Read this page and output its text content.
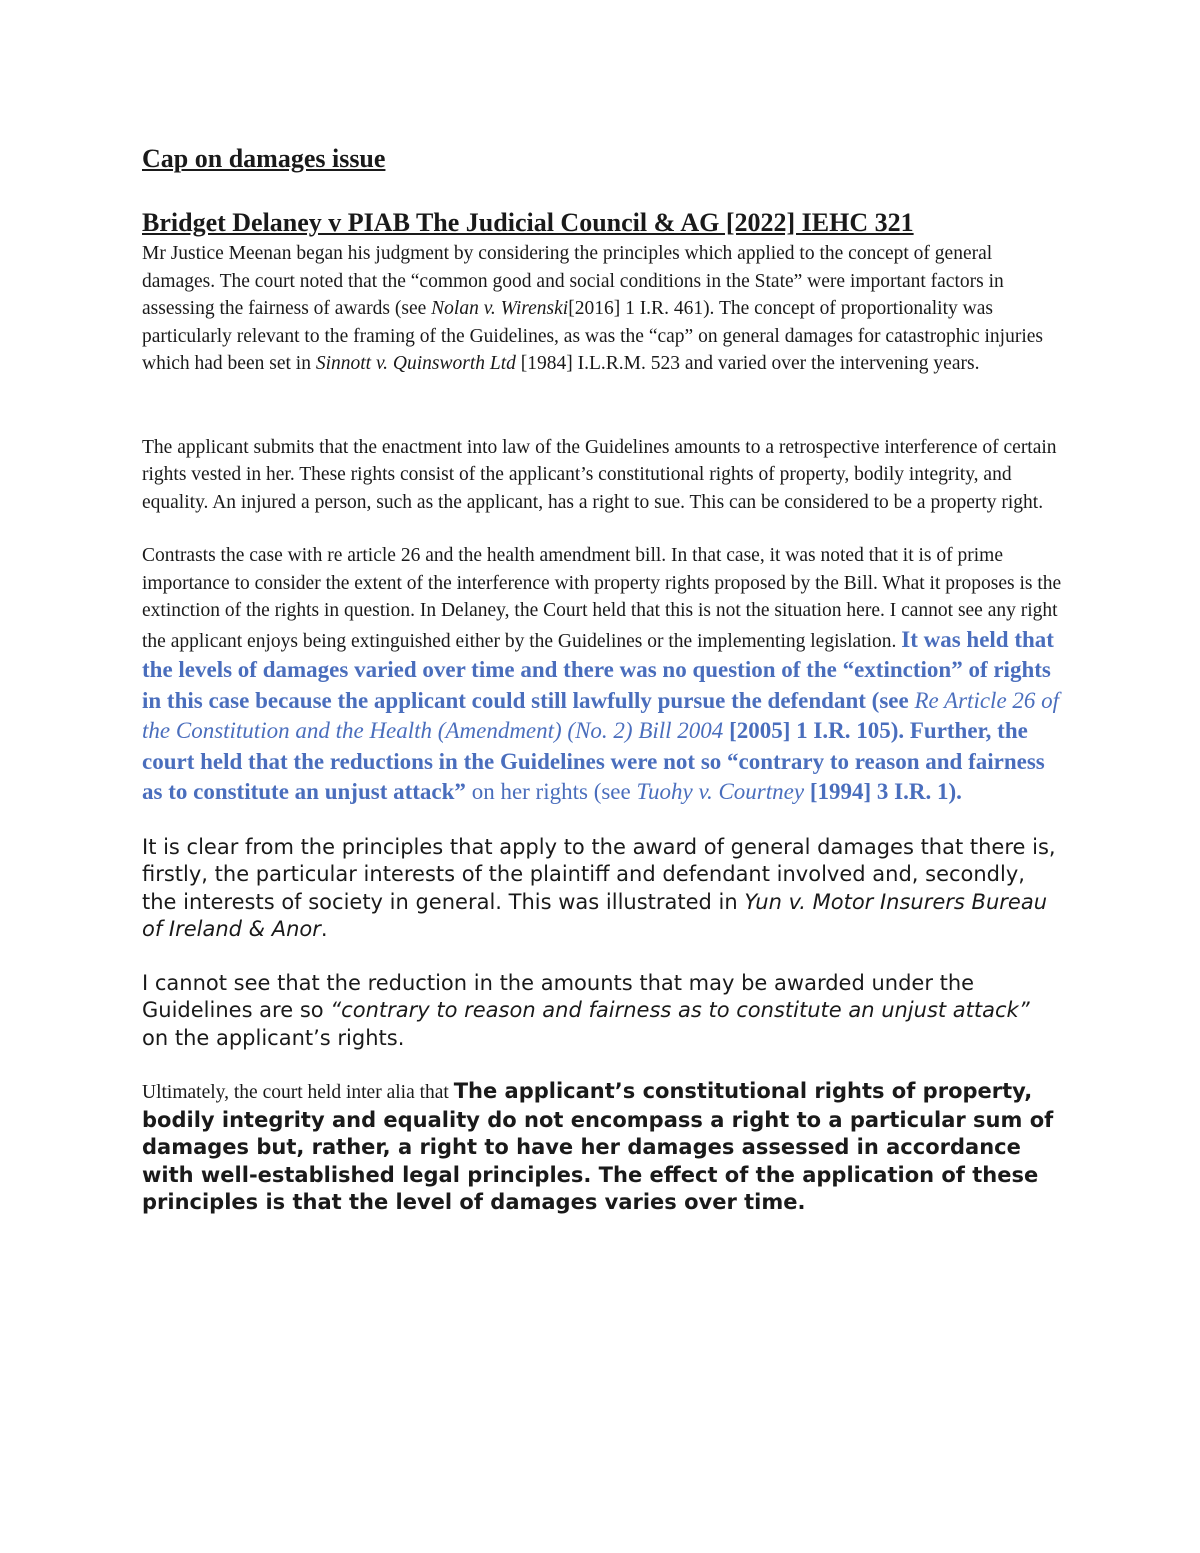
Cap on damages issue
Bridget Delaney v PIAB The Judicial Council & AG [2022] IEHC 321

Mr Justice Meenan began his judgment by considering the principles which applied to the concept of general damages. The court noted that the “common good and social conditions in the State” were important factors in assessing the fairness of awards (see Nolan v. Wirenski[2016] 1 I.R. 461). The concept of proportionality was particularly relevant to the framing of the Guidelines, as was the “cap” on general damages for catastrophic injuries which had been set in Sinnott v. Quinsworth Ltd [1984] I.L.R.M. 523 and varied over the intervening years.

The applicant submits that the enactment into law of the Guidelines amounts to a retrospective interference of certain rights vested in her. These rights consist of the applicant’s constitutional rights of property, bodily integrity, and equality. An injured a person, such as the applicant, has a right to sue. This can be considered to be a property right.

Contrasts the case with re article 26 and the health amendment bill. In that case, it was noted that it is of prime importance to consider the extent of the interference with property rights proposed by the Bill. What it proposes is the extinction of the rights in question. In Delaney, the Court held that this is not the situation here. I cannot see any right the applicant enjoys being extinguished either by the Guidelines or the implementing legislation. It was held that the levels of damages varied over time and there was no question of the “extinction” of rights in this case because the applicant could still lawfully pursue the defendant (see Re Article 26 of the Constitution and the Health (Amendment) (No. 2) Bill 2004 [2005] 1 I.R. 105). Further, the court held that the reductions in the Guidelines were not so “contrary to reason and fairness as to constitute an unjust attack” on her rights (see Tuohy v. Courtney [1994] 3 I.R. 1).

It is clear from the principles that apply to the award of general damages that there is, firstly, the particular interests of the plaintiff and defendant involved and, secondly, the interests of society in general. This was illustrated in Yun v. Motor Insurers Bureau of Ireland & Anor.

I cannot see that the reduction in the amounts that may be awarded under the Guidelines are so “contrary to reason and fairness as to constitute an unjust attack” on the applicant’s rights.

Ultimately, the court held inter alia that The applicant’s constitutional rights of property, bodily integrity and equality do not encompass a right to a particular sum of damages but, rather, a right to have her damages assessed in accordance with well-established legal principles. The effect of the application of these principles is that the level of damages varies over time.
